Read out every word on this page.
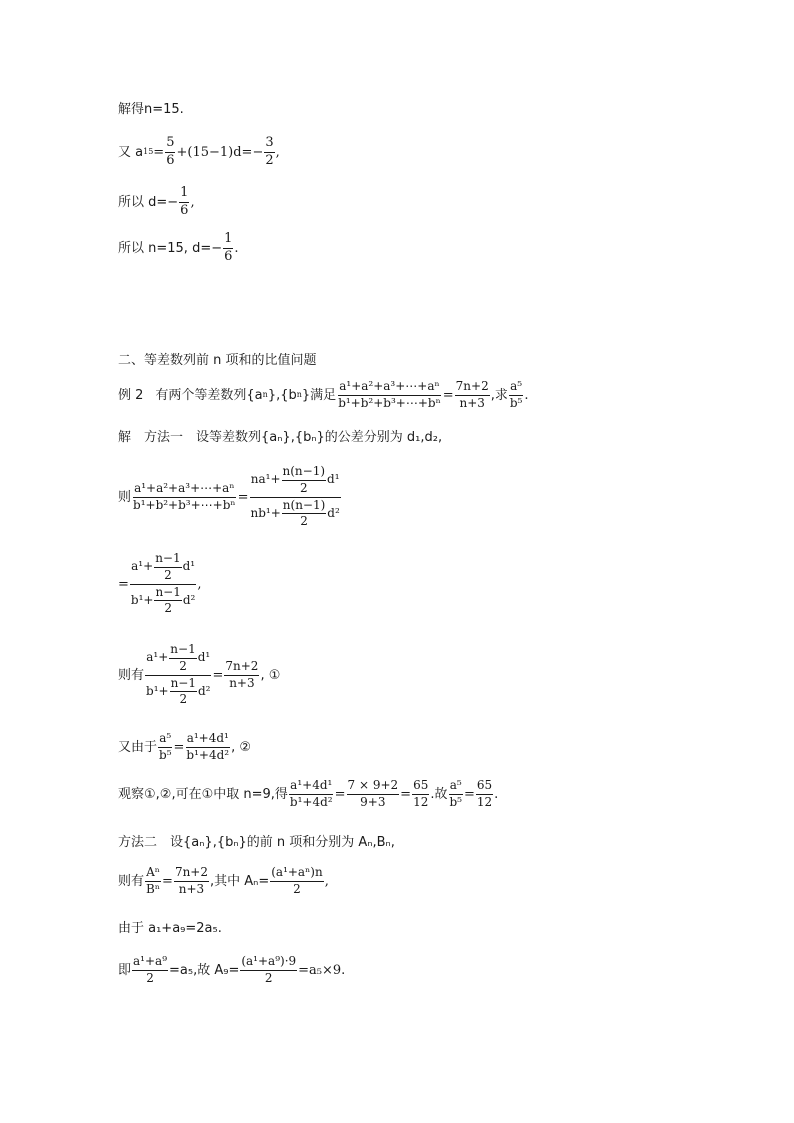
解得n=15.
又 a $15 = \frac{5}{6} +(15-1)d=- \frac{3}{2}$ ,
所以 $d=- \frac{1}{6}$ ,
所以 n=15, $d=- \frac{1}{6}$ .
二、等差数列前 n 项和的比值问题
例 2 有两个等差数列{a n },{b n }满足 $\frac{\text{a¹+a²+a³+⋯+aⁿ}}{\text{b¹+b²+b³+⋯+bⁿ}} = \frac{7n+2}{n+3}$ ,求 $\frac{\text{a⁵}}{\text{b⁵}}$ .
解　方法一　设等差数列{aₙ},{bₙ}的公差分别为 d₁,d₂,
则 $\frac{\text{a¹+a²+a³+⋯+aⁿ}}{\text{b¹+b²+b³+⋯+bⁿ}} = \frac{na^1+ \frac{n(n-1)}{2} d^1}{nb^1+ \frac{n(n-1)}{2} d^2}$
= $\frac{a^1+ \frac{n-1}{2} d^1}{b^1+ \frac{n-1}{2} d^2}$ ,
则有 $\frac{a^1+ \frac{n-1}{2} d^1}{b^1+ \frac{n-1}{2} d^2} = \frac{7n+2}{n+3}$ , ①
又由于 $\frac{\text{a⁵}}{\text{b⁵}} = \frac{\text{a¹+4d¹}}{\text{b¹+4d²}}$ , ②
观察①,②,可在①中取 n=9,得 $\frac{\text{a¹+4d¹}}{\text{b¹+4d²}} = \frac{7 \times 9+2}{9+3} = \frac{65}{12}$ .故 $\frac{\text{a⁵}}{\text{b⁵}} = \frac{65}{12}$ .
方法二　设{aₙ},{bₙ}的前 n 项和分别为 Aₙ,Bₙ,
则有 $\frac{\text{Aⁿ}}{\text{Bⁿ}} = \frac{7n+2}{n+3}$ ,其中 $A_n= \frac{\text{(a¹+aⁿ)n}}{2}$ ,
由于 a₁+a₉=2a₅.
即 $\frac{\text{a¹+a⁹}}{2} =a_5$,故 $A_9= \frac{\text{(a¹+a⁹)·9}}{2} =a_5\times 9$.
